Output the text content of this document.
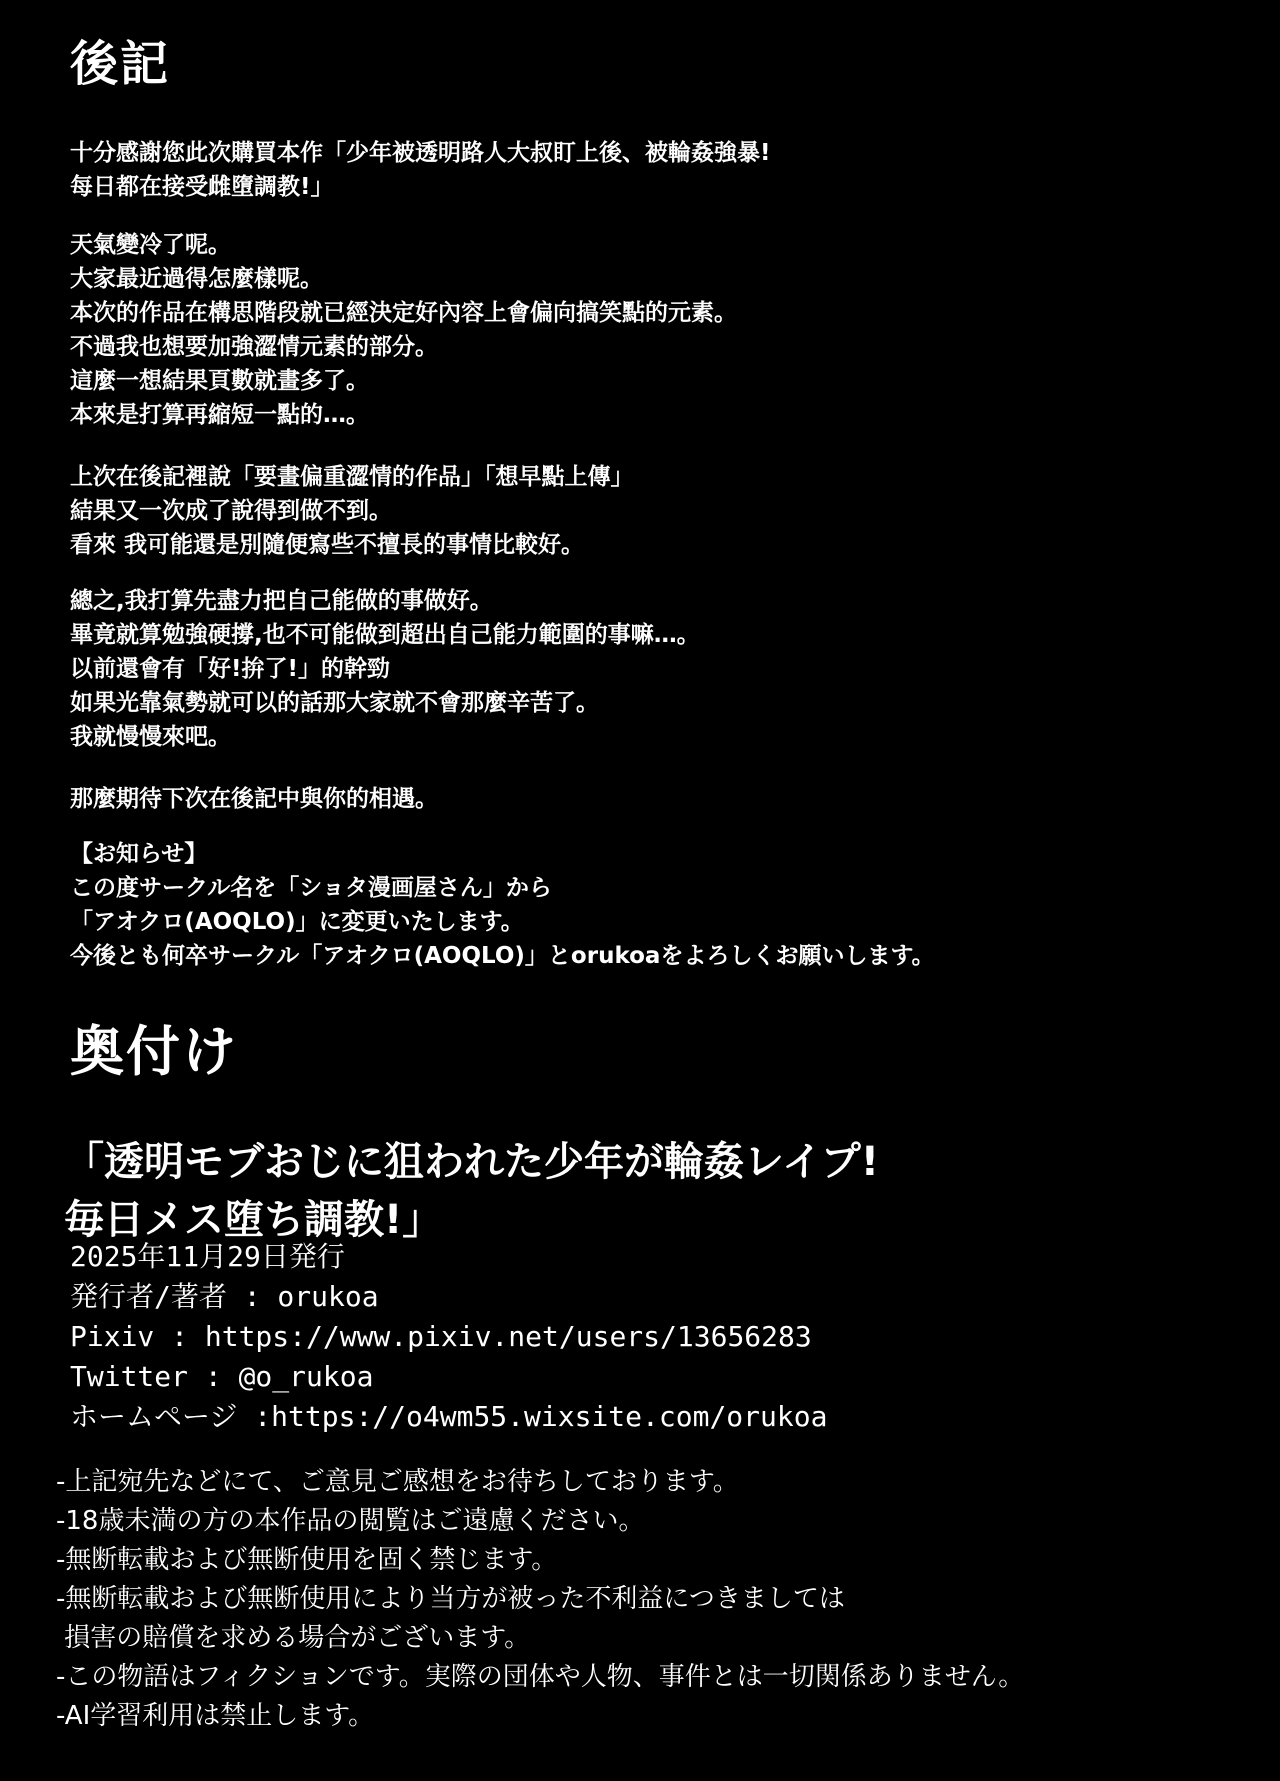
後記
十分感謝您此次購買本作「少年被透明路人大叔盯上後、被輪姦強暴!
每日都在接受雌墮調教!」
天氣變冷了呢。
大家最近過得怎麼樣呢。
本次的作品在構思階段就已經決定好內容上會偏向搞笑點的元素。
不過我也想要加強澀情元素的部分。
這麼一想結果頁數就畫多了。
本來是打算再縮短一點的…。
上次在後記裡說「要畫偏重澀情的作品」「想早點上傳」
結果又一次成了說得到做不到。
看來 我可能還是別隨便寫些不擅長的事情比較好。
總之,我打算先盡力把自己能做的事做好。
畢竟就算勉強硬撐,也不可能做到超出自己能力範圍的事嘛…。
以前還會有「好!拚了!」的幹勁
如果光靠氣勢就可以的話那大家就不會那麼辛苦了。
我就慢慢來吧。
那麼期待下次在後記中與你的相遇。
【お知らせ】
この度サークル名を「ショタ漫画屋さん」から
「アオクロ(AOQLO)」に変更いたします。
今後とも何卒サークル「アオクロ(AOQLO)」とorukoaをよろしくお願いします。
奥付け
「透明モブおじに狙われた少年が輪姦レイプ!
毎日メス堕ち調教!」
2025年11月29日発行
発行者/著者 : orukoa
Pixiv : https://www.pixiv.net/users/13656283
Twitter : @o_rukoa
ホームページ :https://o4wm55.wixsite.com/orukoa
-上記宛先などにて、ご意見ご感想をお待ちしております。
-18歳未満の方の本作品の閲覧はご遠慮ください。
-無断転載および無断使用を固く禁じます。
-無断転載および無断使用により当方が被った不利益につきましては
損害の賠償を求める場合がございます。
-この物語はフィクションです。実際の団体や人物、事件とは一切関係ありません。
-AI学習利用は禁止します。
